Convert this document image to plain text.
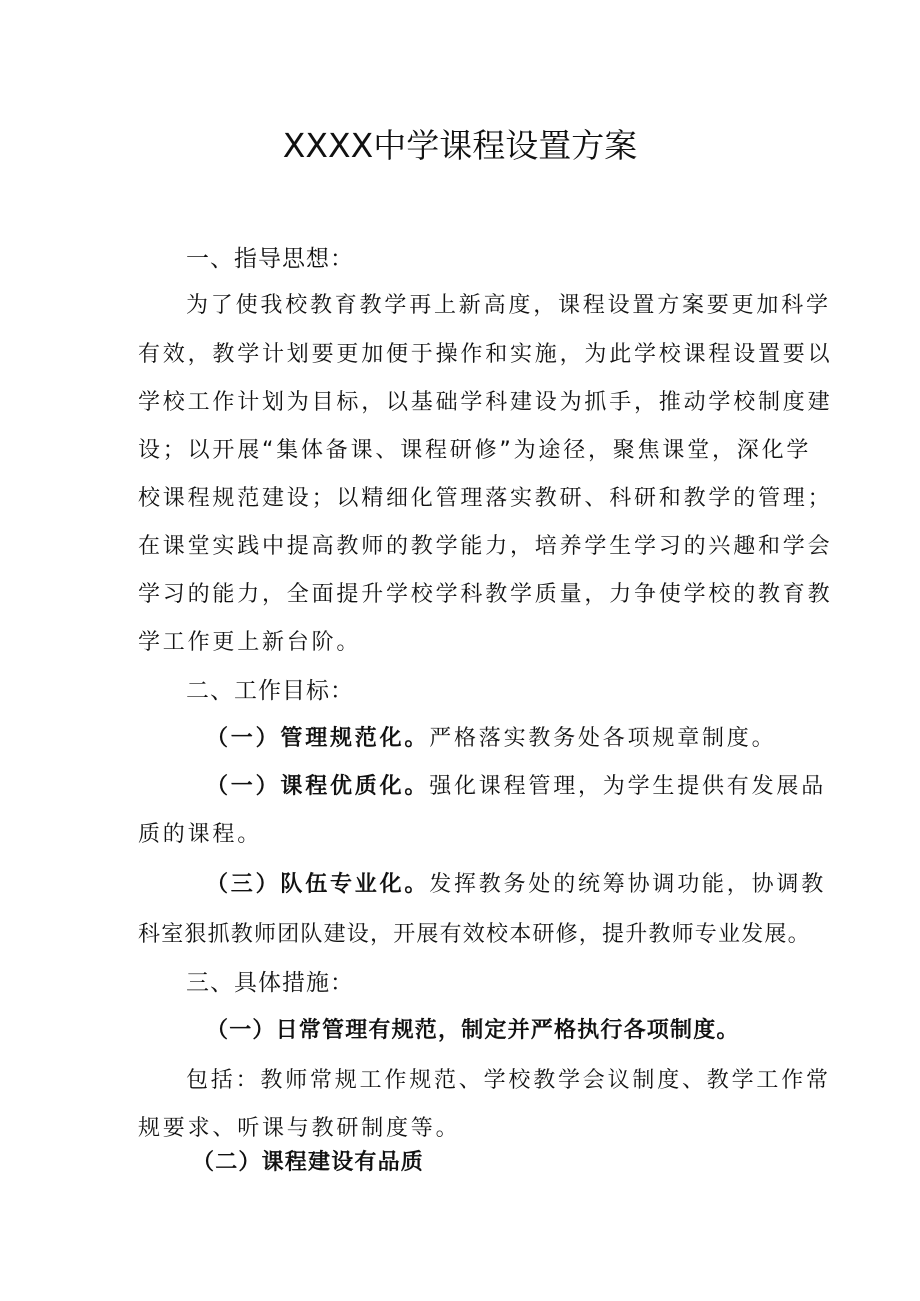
XXXX中学课程设置方案
一、指导思想：
为了使我校教育教学再上新高度，课程设置方案要更加科学
有效，教学计划要更加便于操作和实施，为此学校课程设置要以
学校工作计划为目标，以基础学科建设为抓手，推动学校制度建
设；以开展“集体备课、课程研修”为途径，聚焦课堂，深化学
校课程规范建设；以精细化管理落实教研、科研和教学的管理；
在课堂实践中提高教师的教学能力，培养学生学习的兴趣和学会
学习的能力，全面提升学校学科教学质量，力争使学校的教育教
学工作更上新台阶。
二、工作目标：
（一）管理规范化。严格落实教务处各项规章制度。
（一）课程优质化。强化课程管理，为学生提供有发展品
质的课程。
（三）队伍专业化。发挥教务处的统筹协调功能，协调教
科室狠抓教师团队建设，开展有效校本研修，提升教师专业发展。
三、具体措施：
（一）日常管理有规范，制定并严格执行各项制度。
包括：教师常规工作规范、学校教学会议制度、教学工作常
规要求、听课与教研制度等。
（二）课程建设有品质
